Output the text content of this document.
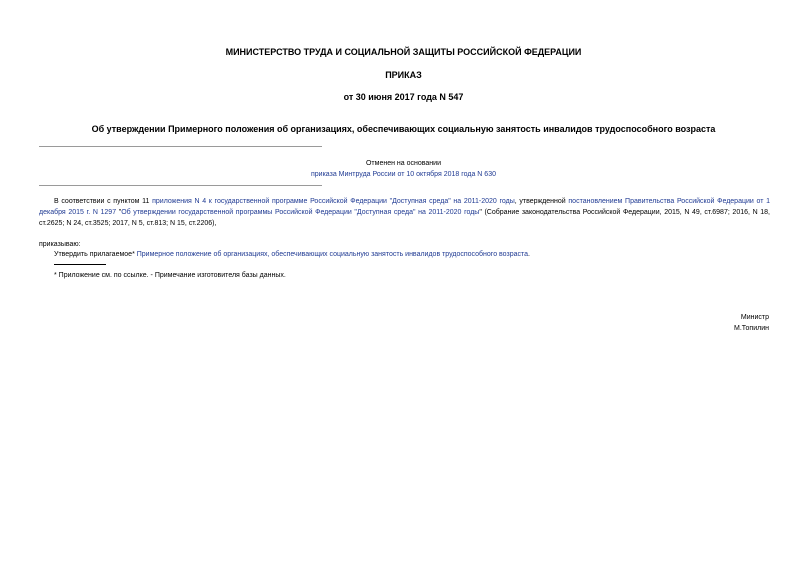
МИНИСТЕРСТВО ТРУДА И СОЦИАЛЬНОЙ ЗАЩИТЫ РОССИЙСКОЙ ФЕДЕРАЦИИ
ПРИКАЗ
от 30 июня 2017 года N 547
Об утверждении Примерного положения об организациях, обеспечивающих социальную занятость инвалидов трудоспособного возраста
Отменен на основании
приказа Минтруда России от 10 октября 2018 года N 630
В соответствии с пунктом 11 приложения N 4 к государственной программе Российской Федерации "Доступная среда" на 2011-2020 годы, утвержденной постановлением Правительства Российской Федерации от 1 декабря 2015 г. N 1297 "Об утверждении государственной программы Российской Федерации "Доступная среда" на 2011-2020 годы" (Собрание законодательства Российской Федерации, 2015, N 49, ст.6987; 2016, N 18, ст.2625; N 24, ст.3525; 2017, N 5, ст.813; N 15, ст.2206),
приказываю:
Утвердить прилагаемое* Примерное положение об организациях, обеспечивающих социальную занятость инвалидов трудоспособного возраста.
* Приложение см. по ссылке. - Примечание изготовителя базы данных.
Министр
М.Топилин
